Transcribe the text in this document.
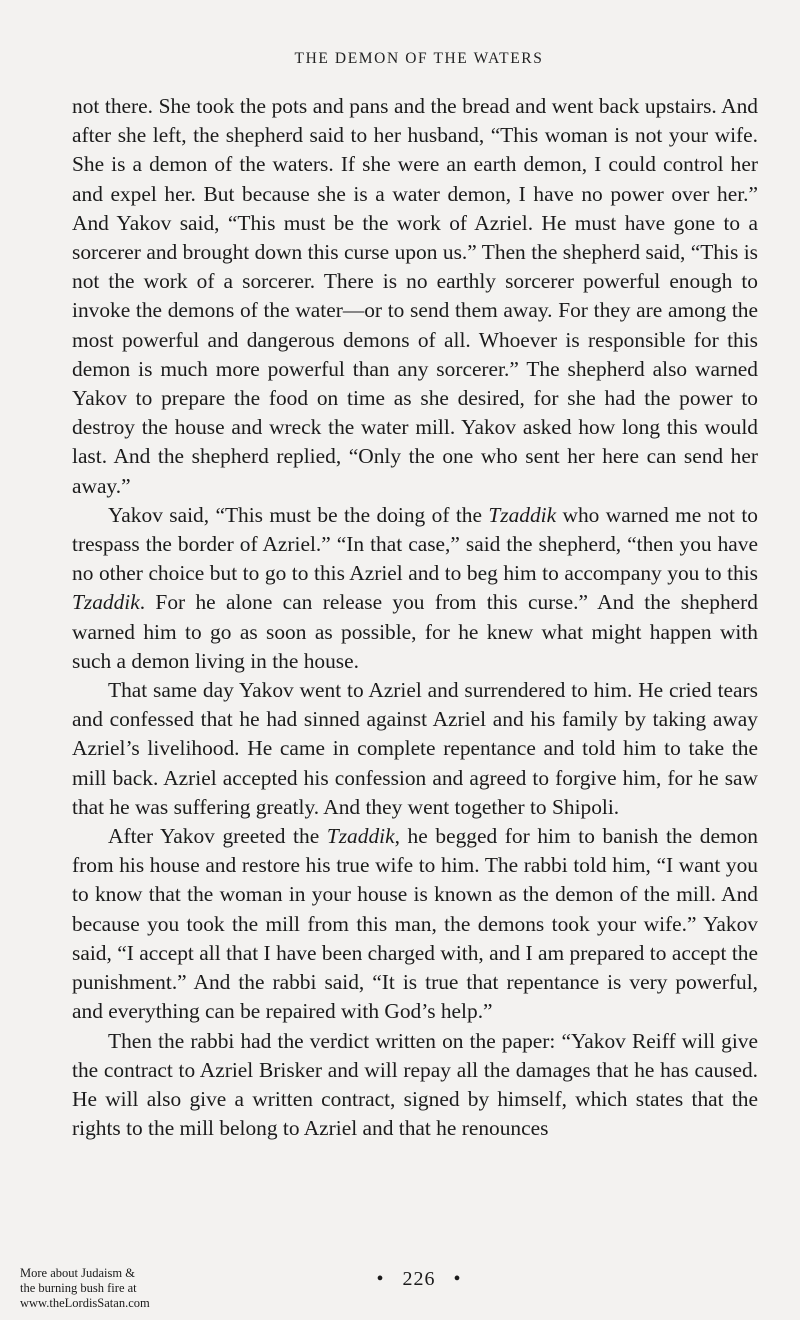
THE DEMON OF THE WATERS

not there. She took the pots and pans and the bread and went back upstairs. And after she left, the shepherd said to her husband, “This woman is not your wife. She is a demon of the waters. If she were an earth demon, I could control her and expel her. But because she is a water demon, I have no power over her.” And Yakov said, “This must be the work of Azriel. He must have gone to a sorcerer and brought down this curse upon us.” Then the shepherd said, “This is not the work of a sorcerer. There is no earthly sorcerer powerful enough to invoke the demons of the water—or to send them away. For they are among the most powerful and dangerous demons of all. Whoever is responsible for this demon is much more powerful than any sorcerer.” The shepherd also warned Yakov to prepare the food on time as she desired, for she had the power to destroy the house and wreck the water mill. Yakov asked how long this would last. And the shepherd replied, “Only the one who sent her here can send her away.”

Yakov said, “This must be the doing of the Tzaddik who warned me not to trespass the border of Azriel.” “In that case,” said the shepherd, “then you have no other choice but to go to this Azriel and to beg him to accompany you to this Tzaddik. For he alone can release you from this curse.” And the shepherd warned him to go as soon as possible, for he knew what might happen with such a demon living in the house.

That same day Yakov went to Azriel and surrendered to him. He cried tears and confessed that he had sinned against Azriel and his family by taking away Azriel’s livelihood. He came in complete repentance and told him to take the mill back. Azriel accepted his confession and agreed to forgive him, for he saw that he was suffering greatly. And they went together to Shipoli.

After Yakov greeted the Tzaddik, he begged for him to banish the demon from his house and restore his true wife to him. The rabbi told him, “I want you to know that the woman in your house is known as the demon of the mill. And because you took the mill from this man, the demons took your wife.” Yakov said, “I accept all that I have been charged with, and I am prepared to accept the punishment.” And the rabbi said, “It is true that repentance is very powerful, and everything can be repaired with God’s help.”

Then the rabbi had the verdict written on the paper: “Yakov Reiff will give the contract to Azriel Brisker and will repay all the damages that he has caused. He will also give a written contract, signed by himself, which states that the rights to the mill belong to Azriel and that he renounces

• 226 •
More about Judaism &
the burning bush fire at
www.theLordisSatan.com
